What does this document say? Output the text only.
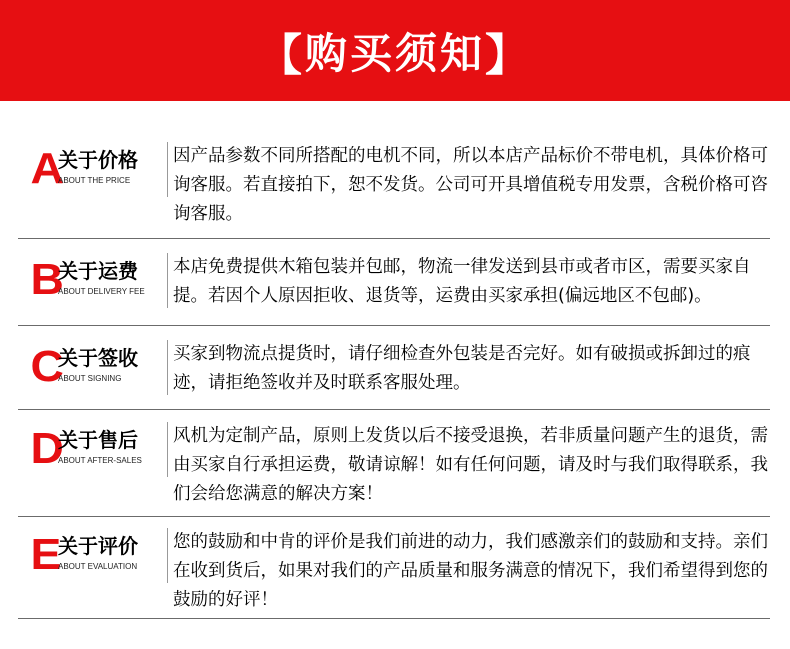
【 购买须知 】
A
关于价格
ABOUT THE PRICE
因产品参数不同所搭配的电机不同，所以本店产品标价不带电机，具体价格可询客服。若直接拍下，恕不发货。公司可开具增值税专用发票，含税价格可咨询客服。
B
关于运费
ABOUT DELIVERY FEE
本店免费提供木箱包装并包邮，物流一律发送到县市或者市区，需要买家自提。若因个人原因拒收、退货等，运费由买家承担(偏远地区不包邮)。
C
关于签收
ABOUT SIGNING
买家到物流点提货时，请仔细检查外包装是否完好。如有破损或拆卸过的痕迹，请拒绝签收并及时联系客服处理。
D
关于售后
ABOUT AFTER-SALES
风机为定制产品，原则上发货以后不接受退换，若非质量问题产生的退货，需由买家自行承担运费，敬请谅解！如有任何问题，请及时与我们取得联系，我们会给您满意的解决方案！
E
关于评价
ABOUT EVALUATION
您的鼓励和中肯的评价是我们前进的动力，我们感激亲们的鼓励和支持。亲们在收到货后，如果对我们的产品质量和服务满意的情况下，我们希望得到您的鼓励的好评！
